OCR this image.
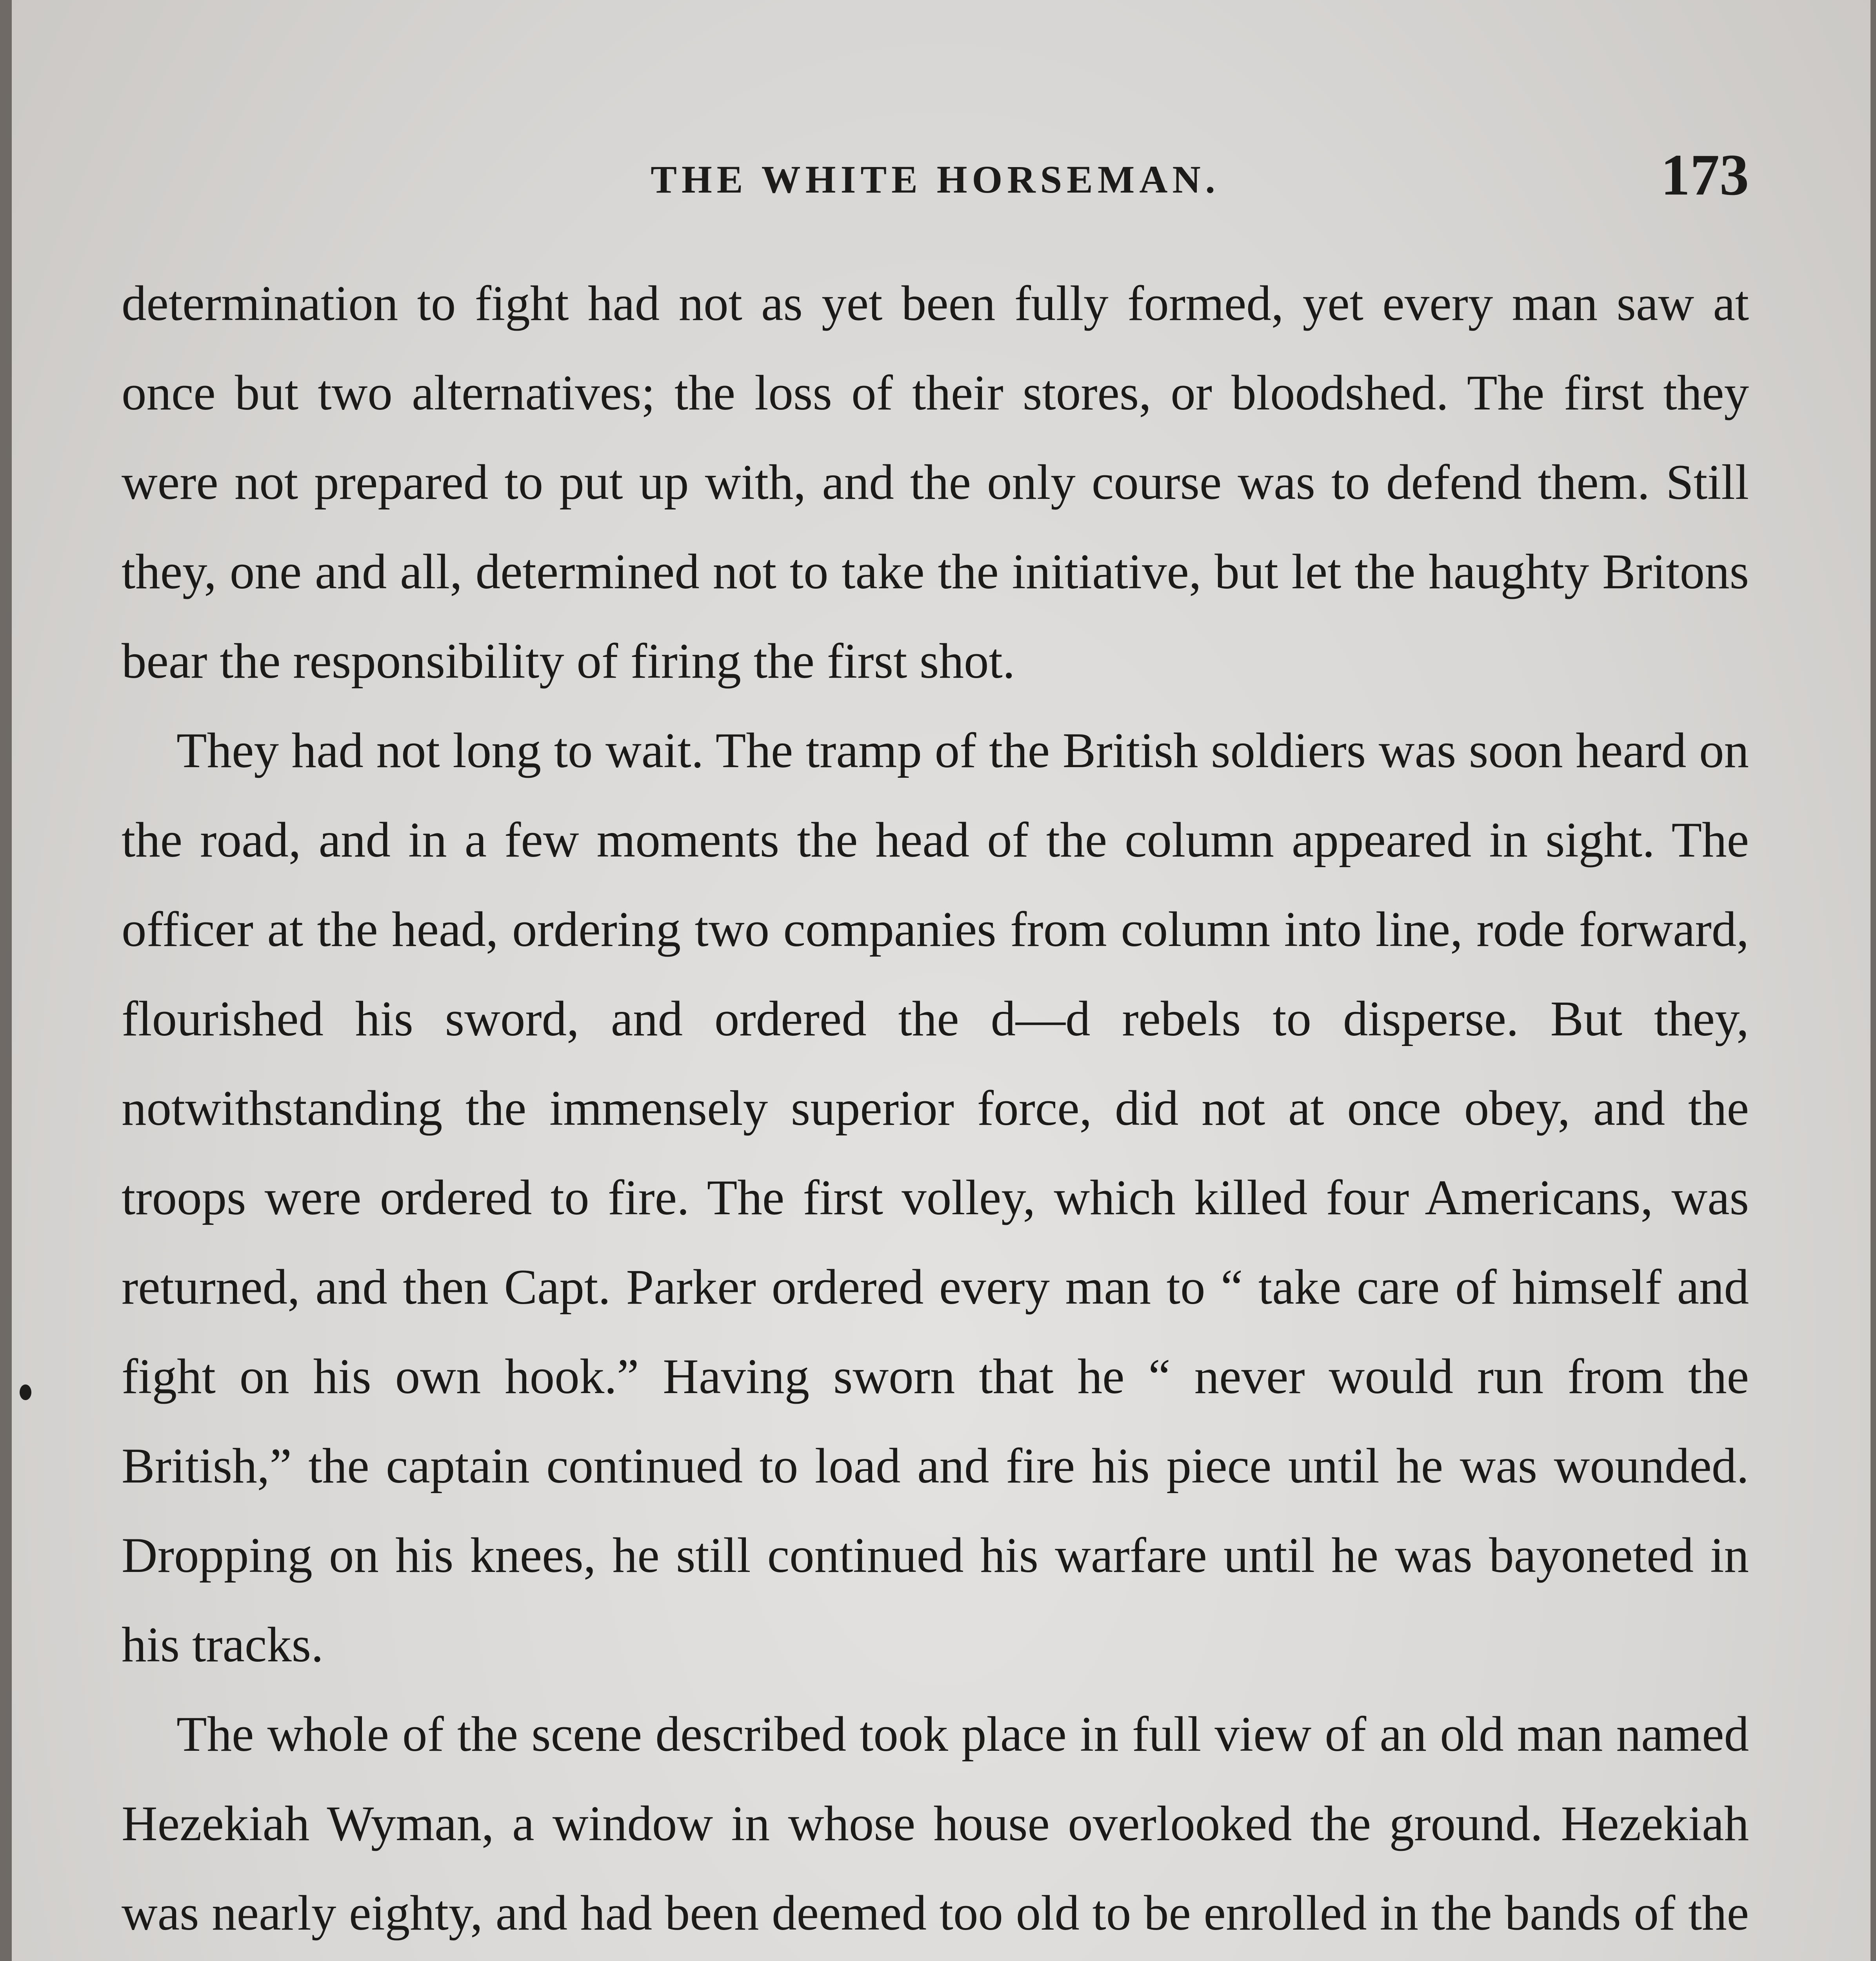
THE WHITE HORSEMAN.	173

determination to fight had not as yet been fully formed, yet every man saw at once but two alternatives; the loss of their stores, or bloodshed. The first they were not prepared to put up with, and the only course was to defend them. Still they, one and all, determined not to take the initiative, but let the haughty Britons bear the responsibility of firing the first shot.

They had not long to wait. The tramp of the British soldiers was soon heard on the road, and in a few moments the head of the column appeared in sight. The officer at the head, ordering two companies from column into line, rode forward, flourished his sword, and ordered the d—d rebels to disperse. But they, notwithstanding the immensely superior force, did not at once obey, and the troops were ordered to fire. The first volley, which killed four Americans, was returned, and then Capt. Parker ordered every man to “ take care of himself and fight on his own hook.” Having sworn that he “ never would run from the British,” the captain continued to load and fire his piece until he was wounded. Dropping on his knees, he still continued his warfare until he was bayoneted in his tracks.

The whole of the scene described took place in full view of an old man named Hezekiah Wyman, a window in whose house overlooked the ground. Hezekiah was nearly eighty, and had been deemed too old to be enrolled in the bands of the
